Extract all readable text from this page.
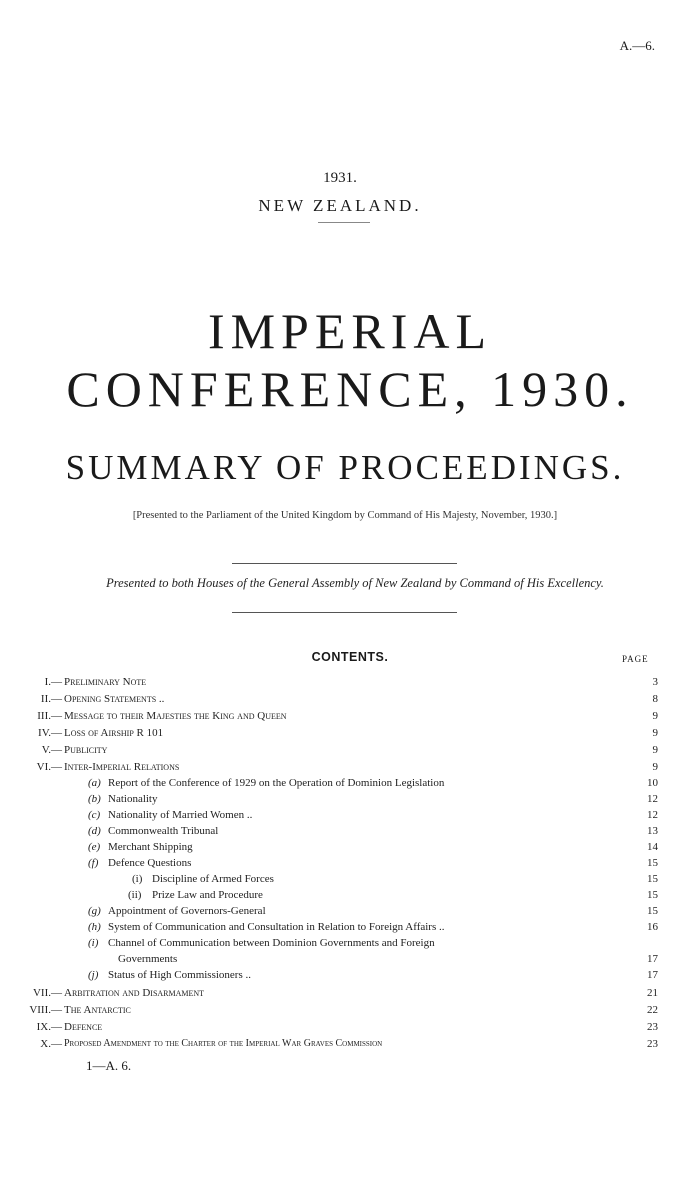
A.—6.
1931.
NEW ZEALAND.
IMPERIAL CONFERENCE, 1930.
SUMMARY OF PROCEEDINGS.
[Presented to the Parliament of the United Kingdom by Command of His Majesty, November, 1930.]
Presented to both Houses of the General Assembly of New Zealand by Command of His Excellency.
CONTENTS.	PAGE
I.— Preliminary Note	3
II.— Opening Statements ..	8
III.— Message to their Majesties the King and Queen	9
IV.— Loss of Airship R 101	9
V.— Publicity	9
VI.— Inter-Imperial Relations	9
(a) Report of the Conference of 1929 on the Operation of Dominion Legislation	10
(b) Nationality	12
(c) Nationality of Married Women ..	12
(d) Commonwealth Tribunal	13
(e) Merchant Shipping	14
(f) Defence Questions	15
(i) Discipline of Armed Forces	15
(ii) Prize Law and Procedure	15
(g) Appointment of Governors-General	15
(h) System of Communication and Consultation in Relation to Foreign Affairs ..	16
(i) Channel of Communication between Dominion Governments and Foreign
Governments	17
(j) Status of High Commissioners ..	17
VII.— Arbitration and Disarmament	21
VIII.— The Antarctic	22
IX.— Defence	23
X.— Proposed Amendment to the Charter of the Imperial War Graves Commission	23
1—A. 6.
